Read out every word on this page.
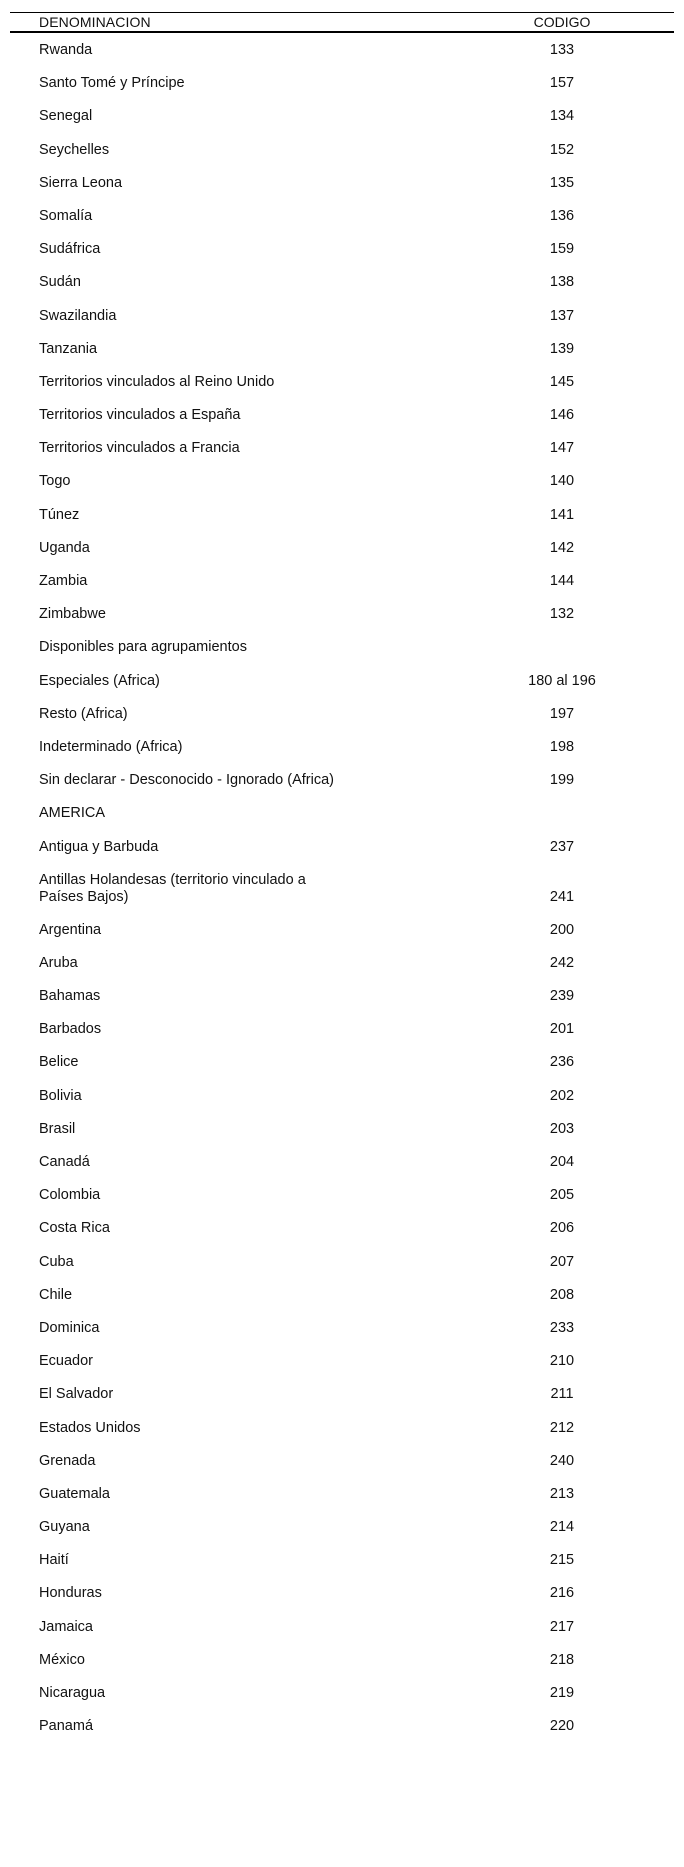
DENOMINACION	CODIGO
Rwanda	133
Santo Tomé y Príncipe	157
Senegal	134
Seychelles	152
Sierra Leona	135
Somalía	136
Sudáfrica	159
Sudán	138
Swazilandia	137
Tanzania	139
Territorios vinculados al Reino Unido	145
Territorios vinculados a España	146
Territorios vinculados a Francia	147
Togo	140
Túnez	141
Uganda	142
Zambia	144
Zimbabwe	132
Disponibles para agrupamientos
Especiales (Africa)	180 al 196
Resto (Africa)	197
Indeterminado (Africa)	198
Sin declarar - Desconocido - Ignorado (Africa)	199
AMERICA
Antigua y Barbuda	237
Antillas Holandesas (territorio vinculado a
Países Bajos)	241
Argentina	200
Aruba	242
Bahamas	239
Barbados	201
Belice	236
Bolivia	202
Brasil	203
Canadá	204
Colombia	205
Costa Rica	206
Cuba	207
Chile	208
Dominica	233
Ecuador	210
El Salvador	211
Estados Unidos	212
Grenada	240
Guatemala	213
Guyana	214
Haití	215
Honduras	216
Jamaica	217
México	218
Nicaragua	219
Panamá	220
